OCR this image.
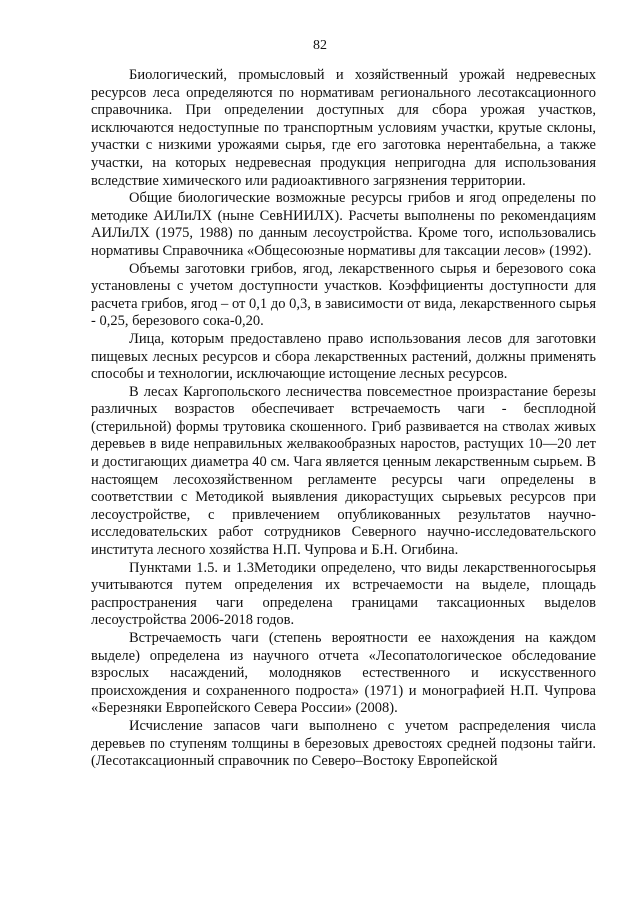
82

Биологический, промысловый и хозяйственный урожай недревесных ресурсов леса определяются по нормативам регионального лесотаксационного справочника. При определении доступных для сбора урожая участков, исключаются недоступные по транспортным условиям участки, крутые склоны, участки с низкими урожаями сырья, где его заготовка нерентабельна, а также участки, на которых недревесная продукция непригодна для использования вследствие химического или радиоактивного загрязнения территории.

Общие биологические возможные ресурсы грибов и ягод определены по методике АИЛиЛХ (ныне СевНИИЛХ). Расчеты выполнены по рекомендациям АИЛиЛХ (1975, 1988) по данным лесоустройства. Кроме того, использовались нормативы Справочника «Общесоюзные нормативы для таксации лесов» (1992).

Объемы заготовки грибов, ягод, лекарственного сырья и березового сока установлены с учетом доступности участков. Коэффициенты доступности для расчета грибов, ягод – от 0,1 до 0,3, в зависимости от вида, лекарственного сырья - 0,25, березового сока-0,20.

Лица, которым предоставлено право использования лесов для заготовки пищевых лесных ресурсов и сбора лекарственных растений, должны применять способы и технологии, исключающие истощение лесных ресурсов.

В лесах Каргопольского лесничества повсеместное произрастание березы различных возрастов обеспечивает встречаемость чаги - бесплодной (стерильной) формы трутовика скошенного. Гриб развивается на стволах живых деревьев в виде неправильных желвакообразных наростов, растущих 10—20 лет и достигающих диаметра 40 см. Чага является ценным лекарственным сырьем. В настоящем лесохозяйственном регламенте ресурсы чаги определены в соответствии с Методикой выявления дикорастущих сырьевых ресурсов при лесоустройстве, с привлечением опубликованных результатов научно-исследовательских работ сотрудников Северного научно-исследовательского института лесного хозяйства Н.П. Чупрова и Б.Н. Огибина.

Пунктами 1.5. и 1.3Методики определено, что виды лекарственногосырья учитываются путем определения их встречаемости на выделе, площадь распространения чаги определена границами таксационных выделов лесоустройства 2006-2018 годов.

Встречаемость чаги (степень вероятности ее нахождения на каждом выделе) определена из научного отчета «Лесопатологическое обследование взрослых насаждений, молодняков естественного и искусственного происхождения и сохраненного подроста» (1971) и монографией Н.П. Чупрова «Березняки Европейского Севера России» (2008).

Исчисление запасов чаги выполнено с учетом распределения числа деревьев по ступеням толщины в березовых древостоях средней подзоны тайги. (Лесотаксационный справочник по Северо–Востоку Европейской
